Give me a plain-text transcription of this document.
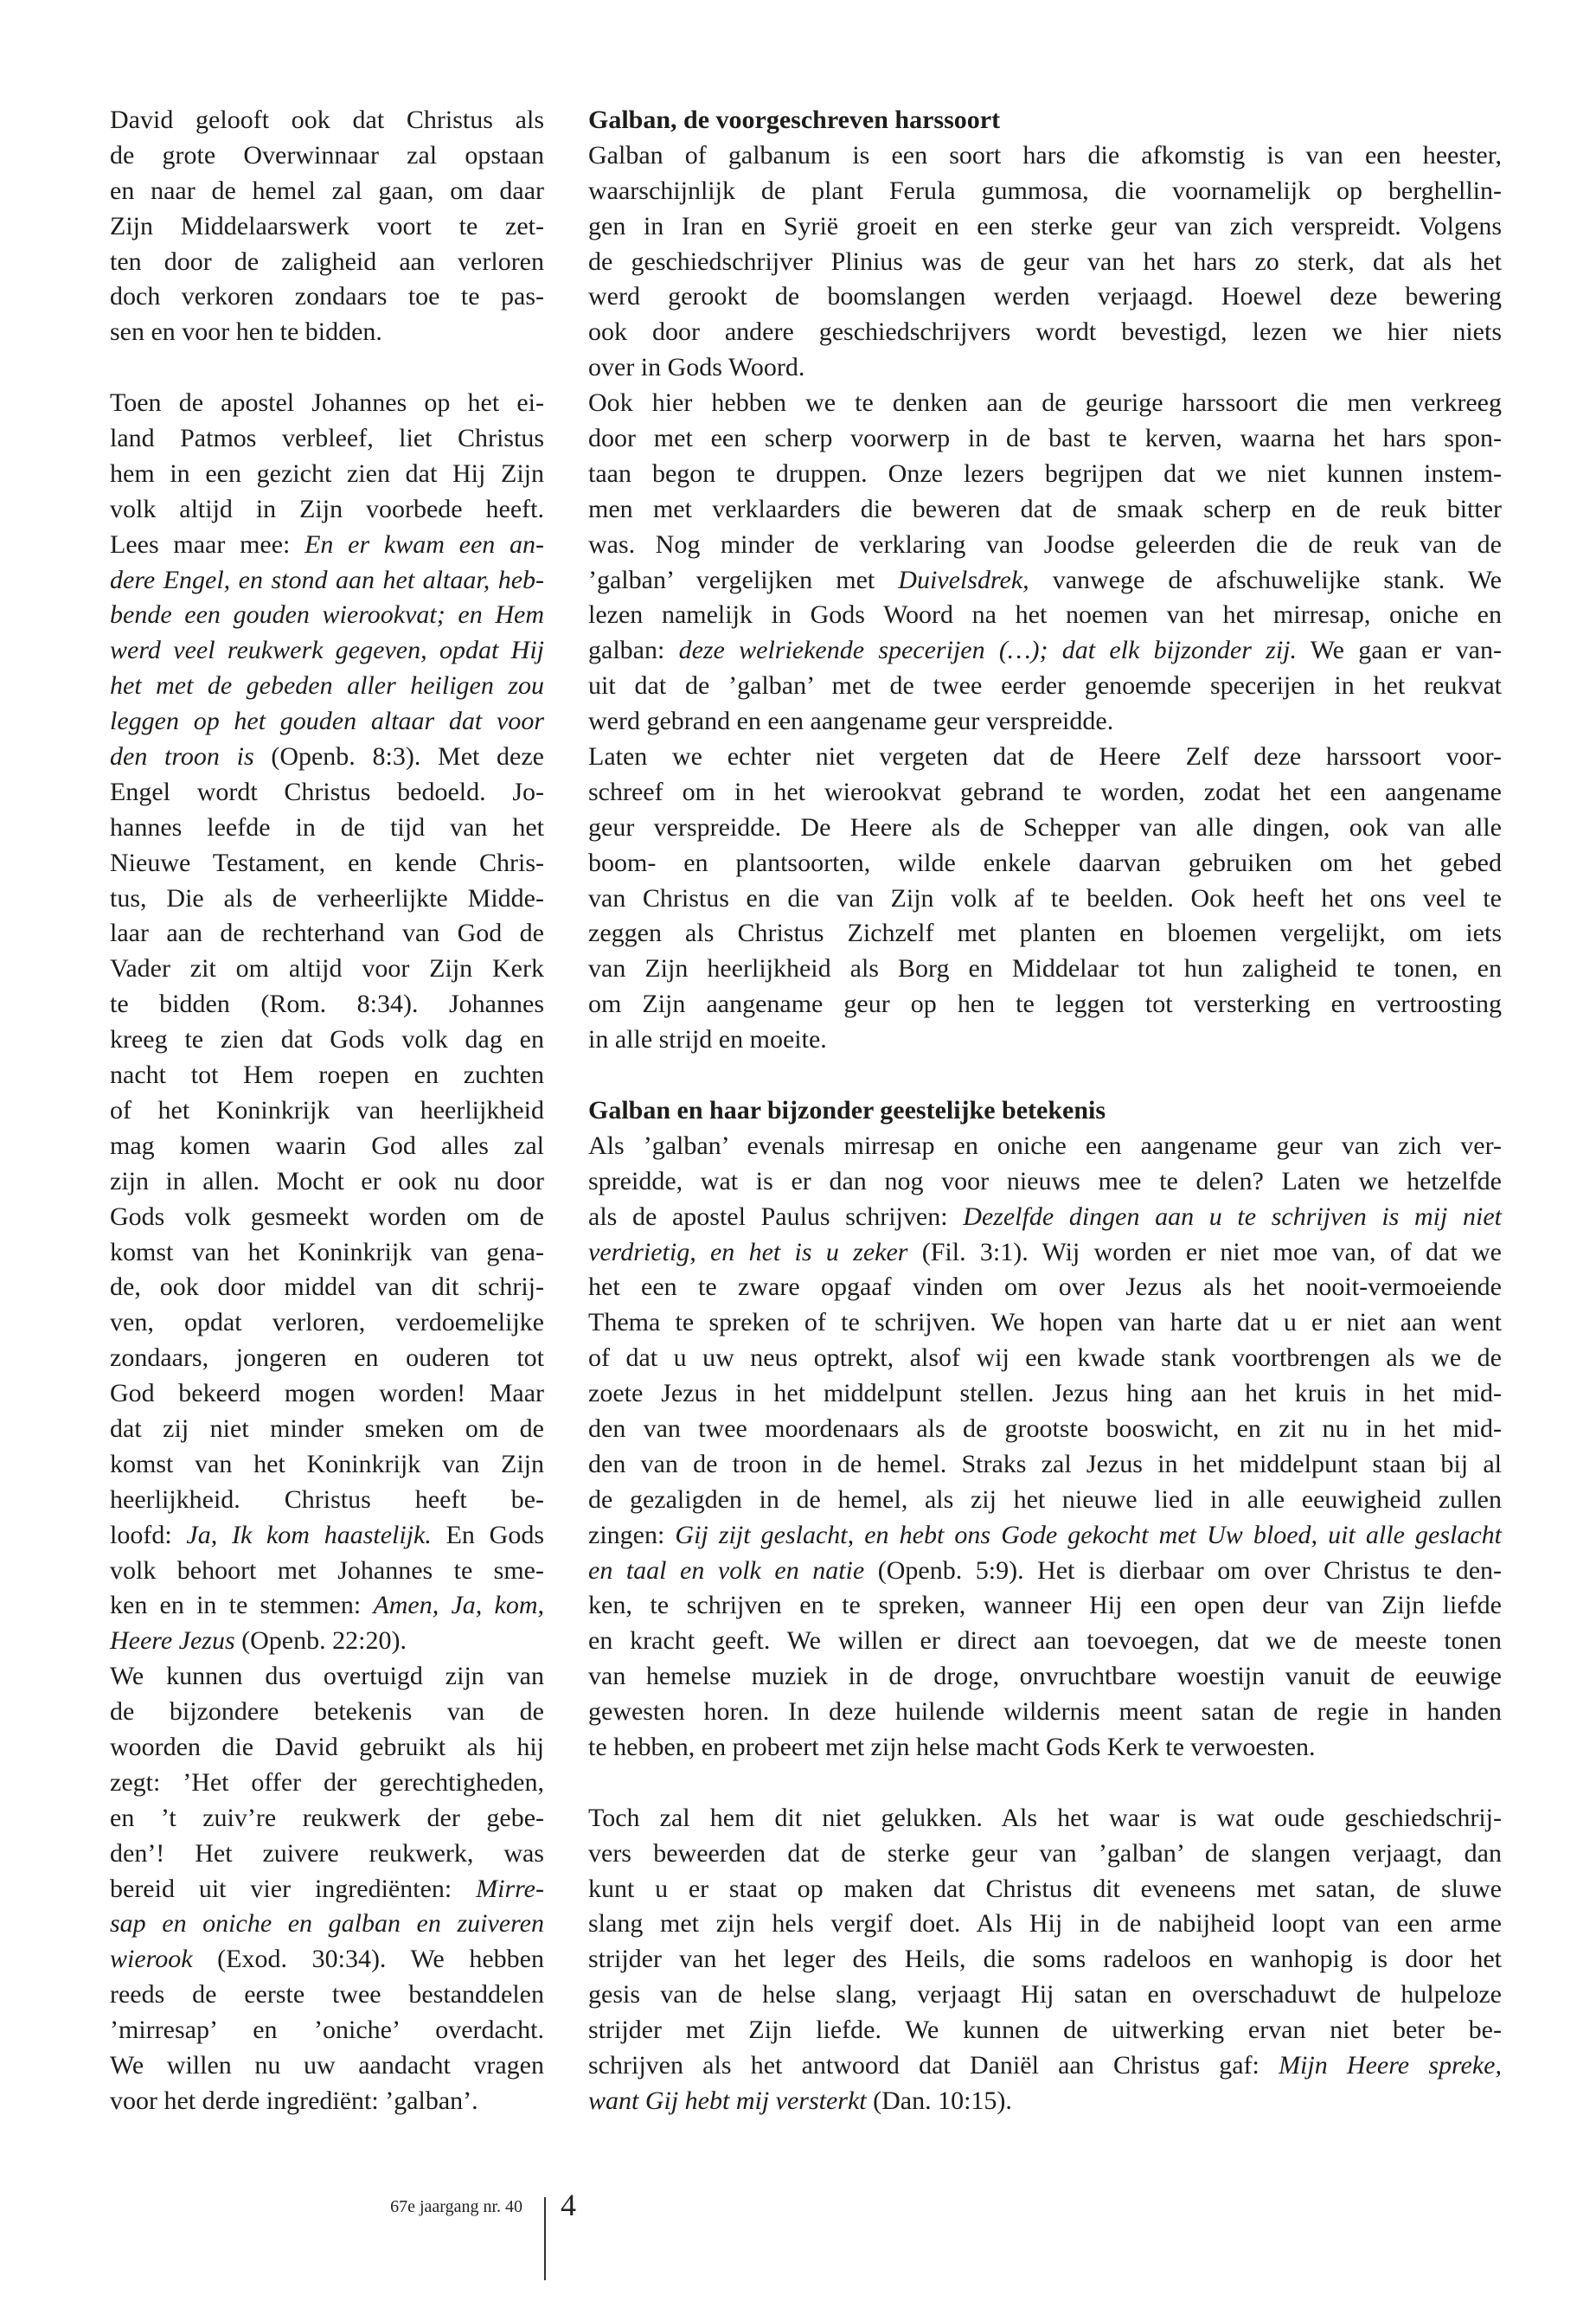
David gelooft ook dat Christus als
de grote Overwinnaar zal opstaan
en naar de hemel zal gaan, om daar
Zijn Middelaarswerk voort te zet-
ten door de zaligheid aan verloren
doch verkoren zondaars toe te pas-
sen en voor hen te bidden.

Toen de apostel Johannes op het ei-
land Patmos verbleef, liet Christus
hem in een gezicht zien dat Hij Zijn
volk altijd in Zijn voorbede heeft.
Lees maar mee: En er kwam een an-
dere Engel, en stond aan het altaar, heb-
bende een gouden wierookvat; en Hem
werd veel reukwerk gegeven, opdat Hij
het met de gebeden aller heiligen zou
leggen op het gouden altaar dat voor
den troon is (Openb. 8:3). Met deze
Engel wordt Christus bedoeld. Jo-
hannes leefde in de tijd van het
Nieuwe Testament, en kende Chris-
tus, Die als de verheerlijkte Midde-
laar aan de rechterhand van God de
Vader zit om altijd voor Zijn Kerk
te bidden (Rom. 8:34). Johannes
kreeg te zien dat Gods volk dag en
nacht tot Hem roepen en zuchten
of het Koninkrijk van heerlijkheid
mag komen waarin God alles zal
zijn in allen. Mocht er ook nu door
Gods volk gesmeekt worden om de
komst van het Koninkrijk van gena-
de, ook door middel van dit schrij-
ven, opdat verloren, verdoemelijke
zondaars, jongeren en ouderen tot
God bekeerd mogen worden! Maar
dat zij niet minder smeken om de
komst van het Koninkrijk van Zijn
heerlijkheid. Christus heeft be-
loofd: Ja, Ik kom haastelijk. En Gods
volk behoort met Johannes te sme-
ken en in te stemmen: Amen, Ja, kom,
Heere Jezus (Openb. 22:20).
We kunnen dus overtuigd zijn van
de bijzondere betekenis van de
woorden die David gebruikt als hij
zegt: ’Het offer der gerechtigheden,
en ’t zuiv’re reukwerk der gebe-
den’! Het zuivere reukwerk, was
bereid uit vier ingrediënten: Mirre-
sap en oniche en galban en zuiveren
wierook (Exod. 30:34). We hebben
reeds de eerste twee bestanddelen
’mirresap’ en ’oniche’ overdacht.
We willen nu uw aandacht vragen
voor het derde ingrediënt: ’galban’.
Galban, de voorgeschreven harssoort
Galban of galbanum is een soort hars die afkomstig is van een heester,
waarschijnlijk de plant Ferula gummosa, die voornamelijk op berghellin-
gen in Iran en Syrië groeit en een sterke geur van zich verspreidt. Volgens
de geschiedschrijver Plinius was de geur van het hars zo sterk, dat als het
werd gerookt de boomslangen werden verjaagd. Hoewel deze bewering
ook door andere geschiedschrijvers wordt bevestigd, lezen we hier niets
over in Gods Woord.
Ook hier hebben we te denken aan de geurige harssoort die men verkreeg
door met een scherp voorwerp in de bast te kerven, waarna het hars spon-
taan begon te druppen. Onze lezers begrijpen dat we niet kunnen instem-
men met verklaarders die beweren dat de smaak scherp en de reuk bitter
was. Nog minder de verklaring van Joodse geleerden die de reuk van de
’galban’ vergelijken met Duivelsdrek, vanwege de afschuwelijke stank. We
lezen namelijk in Gods Woord na het noemen van het mirresap, oniche en
galban: deze welriekende specerijen (…); dat elk bijzonder zij. We gaan er van-
uit dat de ’galban’ met de twee eerder genoemde specerijen in het reukvat
werd gebrand en een aangename geur verspreidde.
Laten we echter niet vergeten dat de Heere Zelf deze harssoort voor-
schreef om in het wierookvat gebrand te worden, zodat het een aangename
geur verspreidde. De Heere als de Schepper van alle dingen, ook van alle
boom- en plantsoorten, wilde enkele daarvan gebruiken om het gebed
van Christus en die van Zijn volk af te beelden. Ook heeft het ons veel te
zeggen als Christus Zichzelf met planten en bloemen vergelijkt, om iets
van Zijn heerlijkheid als Borg en Middelaar tot hun zaligheid te tonen, en
om Zijn aangename geur op hen te leggen tot versterking en vertroosting
in alle strijd en moeite.

Galban en haar bijzonder geestelijke betekenis
Als ’galban’ evenals mirresap en oniche een aangename geur van zich ver-
spreidde, wat is er dan nog voor nieuws mee te delen? Laten we hetzelfde
als de apostel Paulus schrijven: Dezelfde dingen aan u te schrijven is mij niet
verdrietig, en het is u zeker (Fil. 3:1). Wij worden er niet moe van, of dat we
het een te zware opgaaf vinden om over Jezus als het nooit-vermoeiende
Thema te spreken of te schrijven. We hopen van harte dat u er niet aan went
of dat u uw neus optrekt, alsof wij een kwade stank voortbrengen als we de
zoete Jezus in het middelpunt stellen. Jezus hing aan het kruis in het mid-
den van twee moordenaars als de grootste booswicht, en zit nu in het mid-
den van de troon in de hemel. Straks zal Jezus in het middelpunt staan bij al
de gezaligden in de hemel, als zij het nieuwe lied in alle eeuwigheid zullen
zingen: Gij zijt geslacht, en hebt ons Gode gekocht met Uw bloed, uit alle geslacht
en taal en volk en natie (Openb. 5:9). Het is dierbaar om over Christus te den-
ken, te schrijven en te spreken, wanneer Hij een open deur van Zijn liefde
en kracht geeft. We willen er direct aan toevoegen, dat we de meeste tonen
van hemelse muziek in de droge, onvruchtbare woestijn vanuit de eeuwige
gewesten horen. In deze huilende wildernis meent satan de regie in handen
te hebben, en probeert met zijn helse macht Gods Kerk te verwoesten.

Toch zal hem dit niet gelukken. Als het waar is wat oude geschiedschrij-
vers beweerden dat de sterke geur van ’galban’ de slangen verjaagt, dan
kunt u er staat op maken dat Christus dit eveneens met satan, de sluwe
slang met zijn hels vergif doet. Als Hij in de nabijheid loopt van een arme
strijder van het leger des Heils, die soms radeloos en wanhopig is door het
gesis van de helse slang, verjaagt Hij satan en overschaduwt de hulpeloze
strijder met Zijn liefde. We kunnen de uitwerking ervan niet beter be-
schrijven als het antwoord dat Daniël aan Christus gaf: Mijn Heere spreke,
want Gij hebt mij versterkt (Dan. 10:15).
67e jaargang nr. 40 4
